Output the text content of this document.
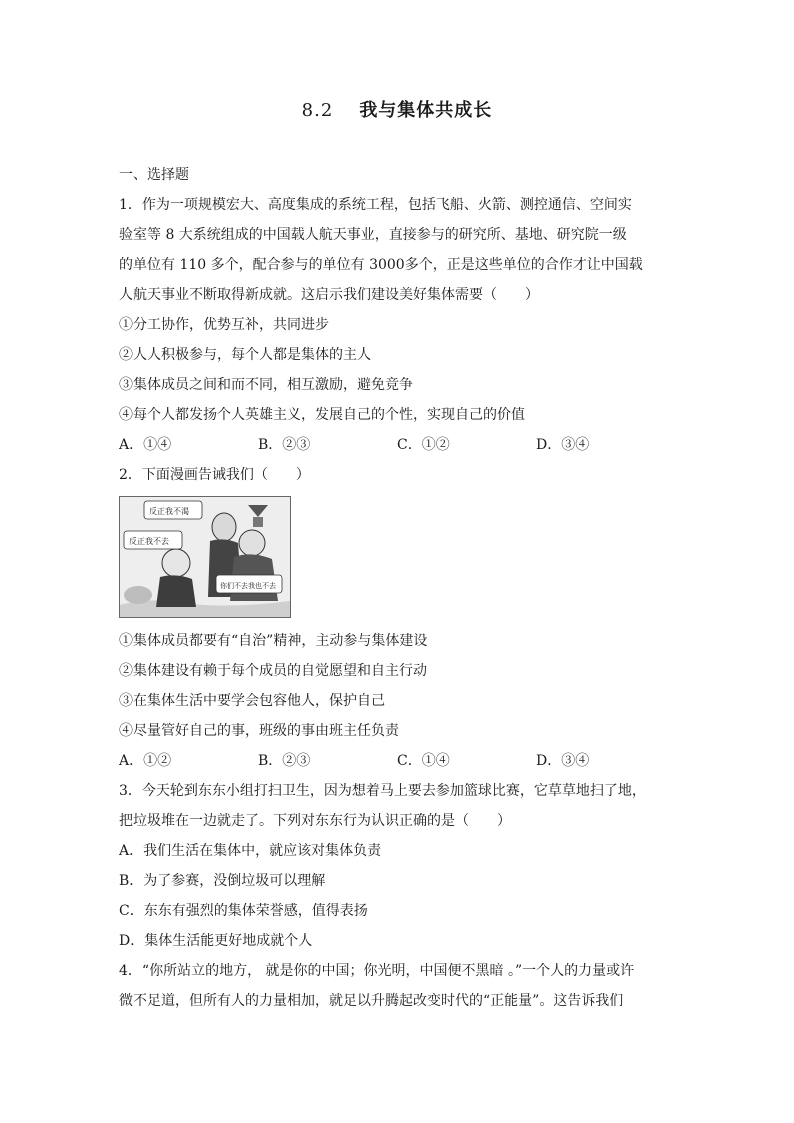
8.2 我与集体共成长
一、选择题
1．作为一项规模宏大、高度集成的系统工程，包括飞船、火箭、测控通信、空间实
验室等 8 大系统组成的中国载人航天事业，直接参与的研究所、基地、研究院一级
的单位有 110 多个，配合参与的单位有 3000多个，正是这些单位的合作才让中国载
人航天事业不断取得新成就。这启示我们建设美好集体需要（　　）
①分工协作，优势互补，共同进步
②人人积极参与，每个人都是集体的主人
③集体成员之间和而不同，相互激励，避免竞争
④每个人都发扬个人英雄主义，发展自己的个性，实现自己的价值
A．①④	B．②③	C．①②	D．③④
2．下面漫画告诫我们（　　）
反正我不渴
反正我不去
你们不去我也不去
①集体成员都要有“自治”精神，主动参与集体建设
②集体建设有赖于每个成员的自觉愿望和自主行动
③在集体生活中要学会包容他人，保护自己
④尽量管好自己的事，班级的事由班主任负责
A．①②	B．②③	C．①④	D．③④
3．今天轮到东东小组打扫卫生，因为想着马上要去参加篮球比赛，它草草地扫了地，
把垃圾堆在一边就走了。下列对东东行为认识正确的是（　　）
A．我们生活在集体中，就应该对集体负责
B．为了参赛，没倒垃圾可以理解
C．东东有强烈的集体荣誉感，值得表扬
D．集体生活能更好地成就个人
4．“你所站立的地方， 就是你的中国；你光明，中国便不黑暗 。”一个人的力量或许
微不足道，但所有人的力量相加，就足以升腾起改变时代的“正能量”。这告诉我们
